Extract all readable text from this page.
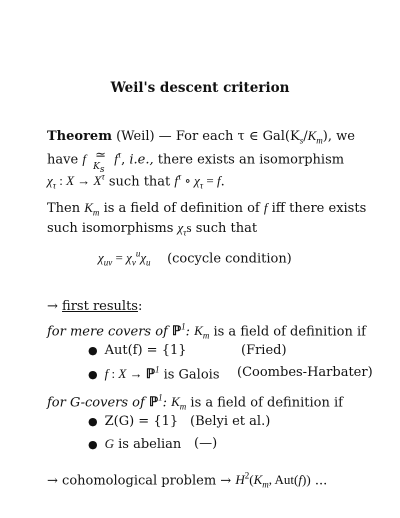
Weil's descent criterion
Theorem (Weil) — For each τ ∈ $Gal(K_s/K_m)$, we
have f ≃
$K_s$
$f^\tau$, i.e., there exists an isomorphism
$\chi_\tau$ : $X \to X^\tau$ such that $f^\tau$ ∘ $\chi_\tau = f$.
Then $K_m$ is a field of definition of f iff there exists
such isomorphisms $\chi_\tau s$ such that
$\chi_{uv} = \chi_v^u\chi_u$ (cocycle condition)
→ first results:
for mere covers of ℙ$^1$: $K_m$ is a field of definition if
● Aut(f) = {1}	(Fried)
● f : X → ℙ$^1$ is Galois (Coombes-Harbater)
for G-covers of ℙ$^1$: $K_m$ is a field of definition if
● Z(G) = {1} (Belyi et al.)
● G is abelian (—)
→ cohomological problem → $H^2(K_m$, Aut(f)) ...
